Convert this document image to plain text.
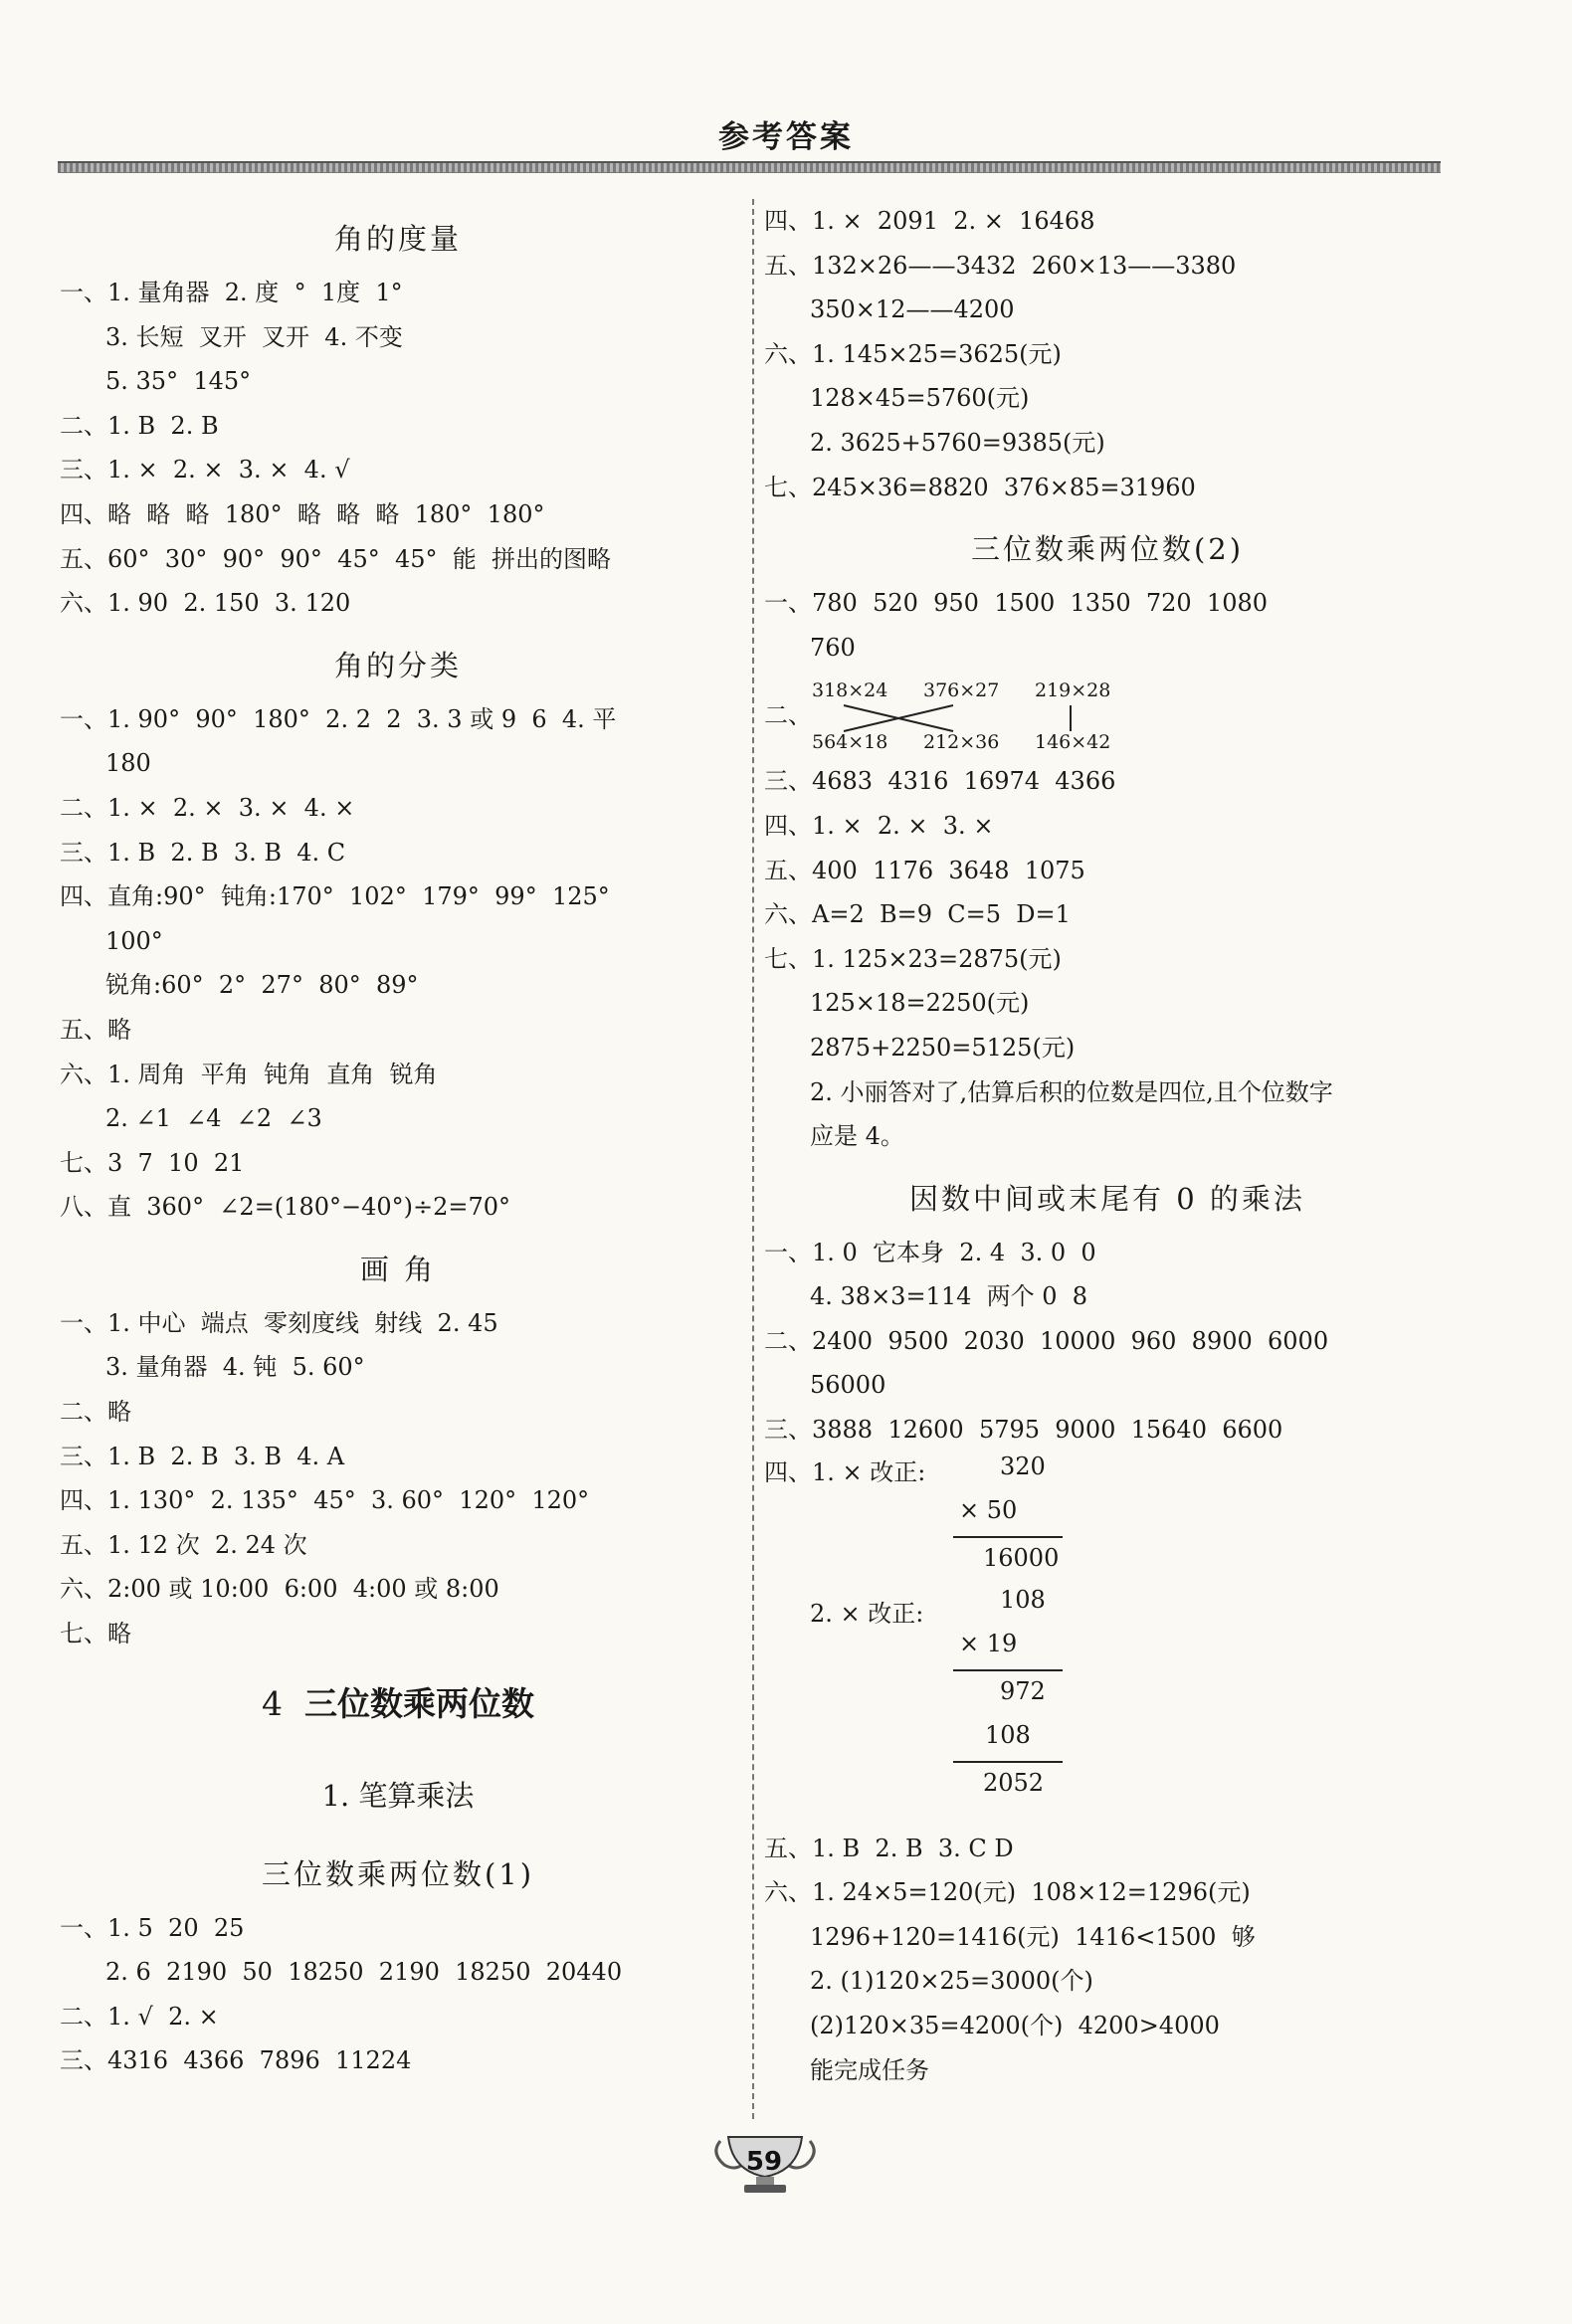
参考答案
角的度量
一、1. 量角器  2. 度  °  1度  1°
3. 长短  叉开  叉开  4. 不变
5. 35°  145°
二、1. B  2. B
三、1. ×  2. ×  3. ×  4. √
四、略  略  略  180°  略  略  略  180°  180°
五、60°  30°  90°  90°  45°  45°  能  拼出的图略
六、1. 90  2. 150  3. 120
角的分类
一、1. 90°  90°  180°  2. 2  2  3. 3 或 9  6  4. 平
180
二、1. ×  2. ×  3. ×  4. ×
三、1. B  2. B  3. B  4. C
四、直角:90°  钝角:170°  102°  179°  99°  125°
100°
锐角:60°  2°  27°  80°  89°
五、略
六、1. 周角  平角  钝角  直角  锐角
2. ∠1  ∠4  ∠2  ∠3
七、3  7  10  21
八、直  360°  ∠2=(180°−40°)÷2=70°
画 角
一、1. 中心  端点  零刻度线  射线  2. 45
3. 量角器  4. 钝  5. 60°
二、略
三、1. B  2. B  3. B  4. A
四、1. 130°  2. 135°  45°  3. 60°  120°  120°
五、1. 12 次  2. 24 次
六、2:00 或 10:00  6:00  4:00 或 8:00
七、略
4 三位数乘两位数
1. 笔算乘法
三位数乘两位数(1)
一、1. 5  20  25
2. 6  2190  50  18250  2190  18250  20440
二、1. √  2. ×
三、4316  4366  7896  11224
四、1. ×  2091  2. ×  16468
五、132×26——3432  260×13——3380
350×12——4200
六、1. 145×25=3625(元)
128×45=5760(元)
2. 3625+5760=9385(元)
七、245×36=8820  376×85=31960
三位数乘两位数(2)
一、780  520  950  1500  1350  720  1080
760
二、
318×24 376×27 219×28
564×18 212×36 146×42
三、4683  4316  16974  4366
四、1. ×  2. ×  3. ×
五、400  1176  3648  1075
六、A=2  B=9  C=5  D=1
七、1. 125×23=2875(元)
125×18=2250(元)
2875+2250=5125(元)
2. 小丽答对了,估算后积的位数是四位,且个位数字
应是 4。
因数中间或末尾有 0 的乘法
一、1. 0  它本身  2. 4  3. 0  0
4. 38×3=114  两个 0  8
二、2400  9500  2030  10000  960  8900  6000
56000
三、3888  12600  5795  9000  15640  6600
四、1. × 改正:	320
× 50
16000
2. × 改正:	108
× 19
972
108
2052
五、1. B  2. B  3. C D
六、1. 24×5=120(元)  108×12=1296(元)
1296+120=1416(元)  1416<1500  够
2. (1)120×25=3000(个)
(2)120×35=4200(个)  4200>4000
能完成任务
59
